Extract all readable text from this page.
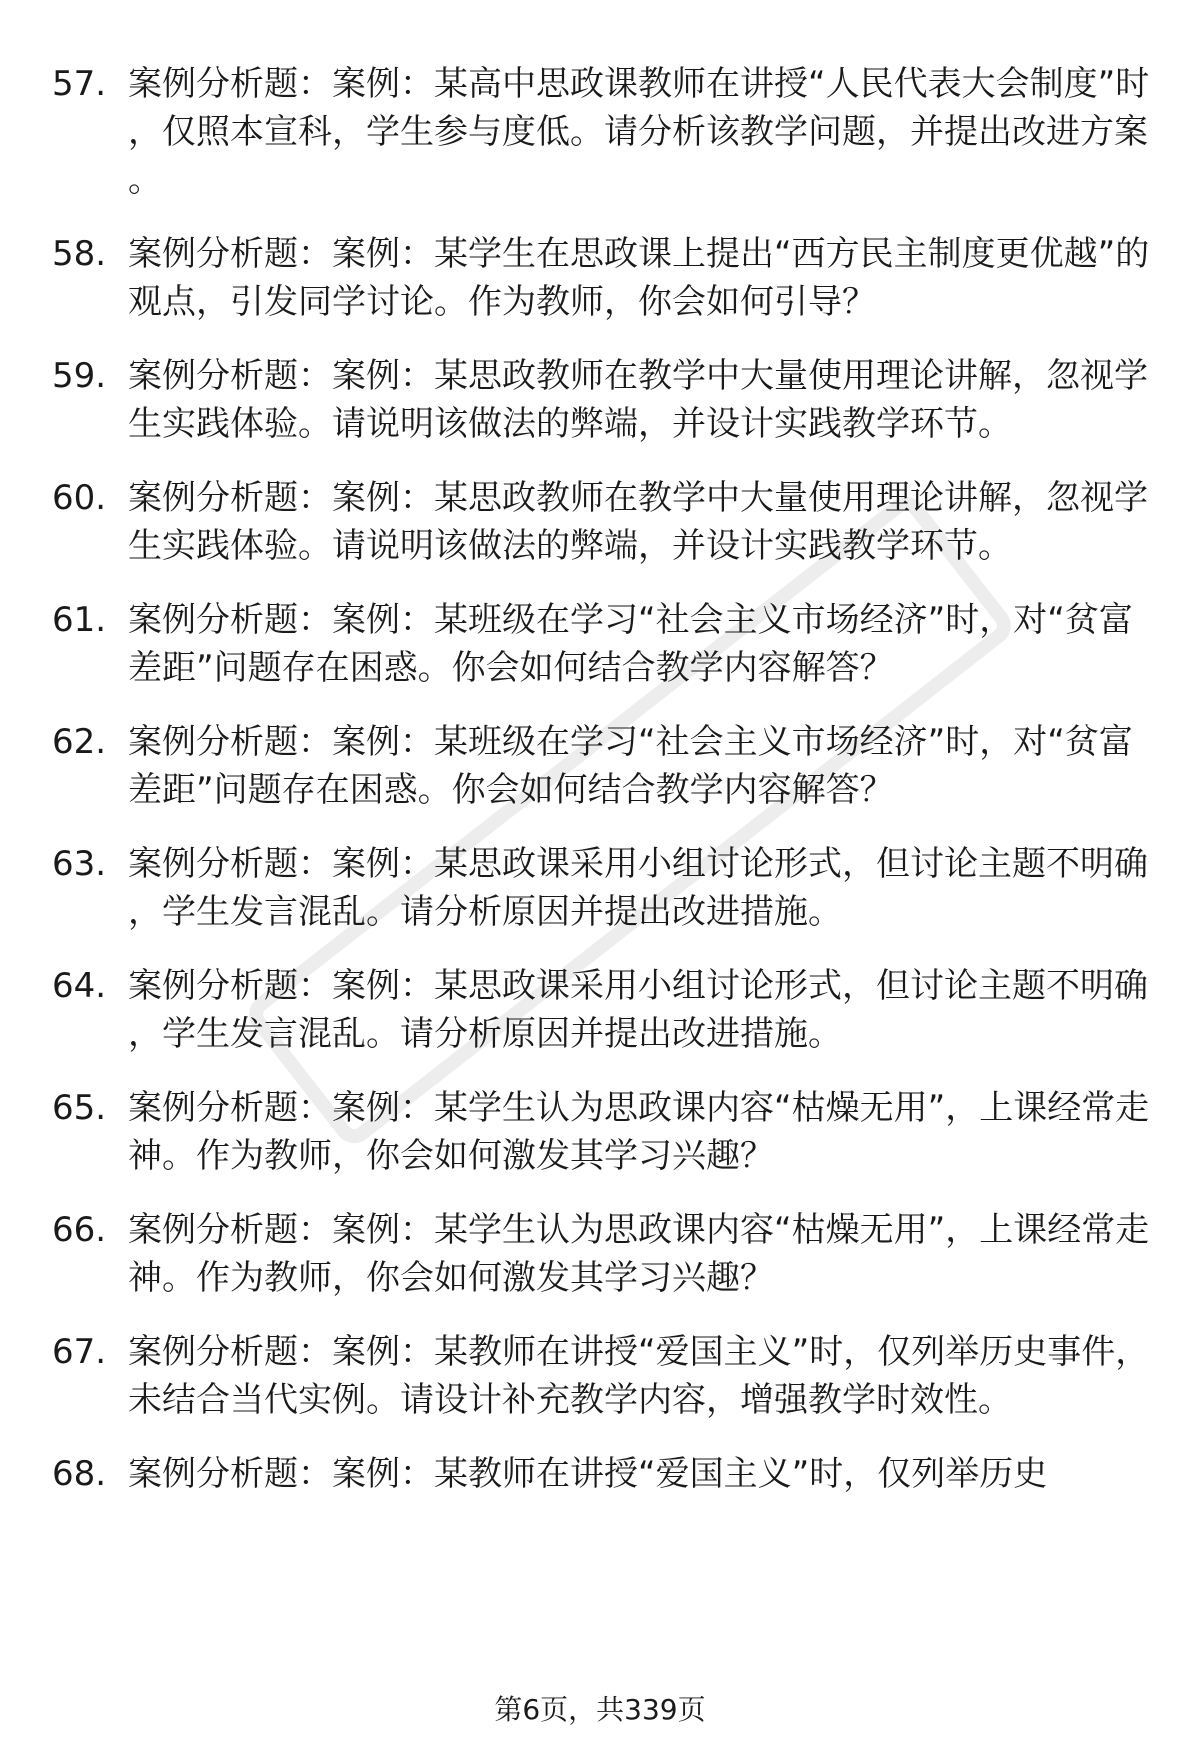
57. 案例分析题：案例：某高中思政课教师在讲授“人民代表大会制度”时，仅照本宣科，学生参与度低。请分析该教学问题，并提出改进方案。
58. 案例分析题：案例：某学生在思政课上提出“西方民主制度更优越”的观点，引发同学讨论。作为教师，你会如何引导？
59. 案例分析题：案例：某思政教师在教学中大量使用理论讲解，忽视学生实践体验。请说明该做法的弊端，并设计实践教学环节。
60. 案例分析题：案例：某思政教师在教学中大量使用理论讲解，忽视学生实践体验。请说明该做法的弊端，并设计实践教学环节。
61. 案例分析题：案例：某班级在学习“社会主义市场经济”时，对“贫富差距”问题存在困惑。你会如何结合教学内容解答？
62. 案例分析题：案例：某班级在学习“社会主义市场经济”时，对“贫富差距”问题存在困惑。你会如何结合教学内容解答？
63. 案例分析题：案例：某思政课采用小组讨论形式，但讨论主题不明确，学生发言混乱。请分析原因并提出改进措施。
64. 案例分析题：案例：某思政课采用小组讨论形式，但讨论主题不明确，学生发言混乱。请分析原因并提出改进措施。
65. 案例分析题：案例：某学生认为思政课内容“枯燥无用”，上课经常走神。作为教师，你会如何激发其学习兴趣？
66. 案例分析题：案例：某学生认为思政课内容“枯燥无用”，上课经常走神。作为教师，你会如何激发其学习兴趣？
67. 案例分析题：案例：某教师在讲授“爱国主义”时，仅列举历史事件，未结合当代实例。请设计补充教学内容，增强教学时效性。
68. 案例分析题：案例：某教师在讲授“爱国主义”时，仅列举历史
第6页，共339页
